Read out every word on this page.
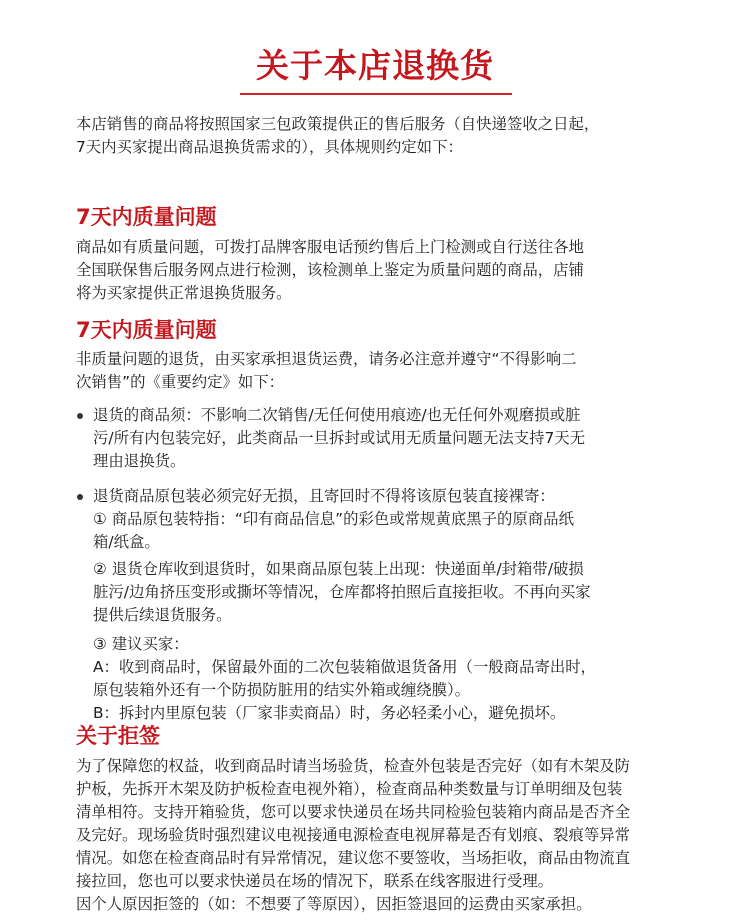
关于本店退换货
本店销售的商品将按照国家三包政策提供正的售后服务（自快递签收之日起，
7天内买家提出商品退换货需求的），具体规则约定如下：
7天内质量问题
商品如有质量问题，可拨打品牌客服电话预约售后上门检测或自行送往各地
全国联保售后服务网点进行检测，该检测单上鉴定为质量问题的商品，店铺
将为买家提供正常退换货服务。
7天内质量问题
非质量问题的退货，由买家承担退货运费，请务必注意并遵守“不得影响二
次销售”的《重要约定》如下：
退货的商品须：不影响二次销售/无任何使用痕迹/也无任何外观磨损或脏
污/所有内包装完好，此类商品一旦拆封或试用无质量问题无法支持7天无
理由退换货。
退货商品原包装必须完好无损，且寄回时不得将该原包装直接裸寄：
① 商品原包装特指：“印有商品信息”的彩色或常规黄底黑子的原商品纸
箱/纸盒。
② 退货仓库收到退货时，如果商品原包装上出现：快递面单/封箱带/破损
脏污/边角挤压变形或撕坏等情况，仓库都将拍照后直接拒收。不再向买家
提供后续退货服务。
③ 建议买家：
A：收到商品时，保留最外面的二次包装箱做退货备用（一般商品寄出时，
原包装箱外还有一个防损防脏用的结实外箱或缠绕膜）。
B：拆封内里原包装（厂家非卖商品）时，务必轻柔小心，避免损坏。
关于拒签
为了保障您的权益，收到商品时请当场验货，检查外包装是否完好（如有木架及防
护板，先拆开木架及防护板检查电视外箱），检查商品种类数量与订单明细及包装
清单相符。支持开箱验货，您可以要求快递员在场共同检验包装箱内商品是否齐全
及完好。现场验货时强烈建议电视接通电源检查电视屏幕是否有划痕、裂痕等异常
情况。如您在检查商品时有异常情况，建议您不要签收，当场拒收，商品由物流直
接拉回，您也可以要求快递员在场的情况下，联系在线客服进行受理。
因个人原因拒签的（如：不想要了等原因），因拒签退回的运费由买家承担。
